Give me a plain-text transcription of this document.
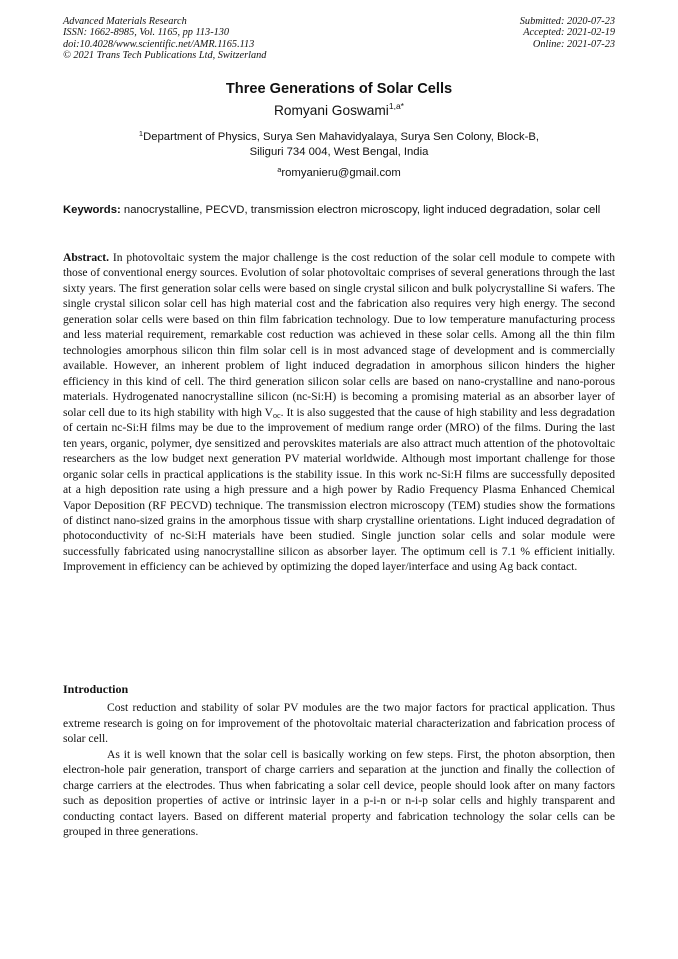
Advanced Materials Research
ISSN: 1662-8985, Vol. 1165, pp 113-130
doi:10.4028/www.scientific.net/AMR.1165.113
© 2021 Trans Tech Publications Ltd, Switzerland
Submitted: 2020-07-23
Accepted: 2021-02-19
Online: 2021-07-23
Three Generations of Solar Cells
Romyani Goswami$^{1,a*}$
$^1$Department of Physics, Surya Sen Mahavidyalaya, Surya Sen Colony, Block-B,
Siliguri 734 004, West Bengal, India
$^a$romyanieru@gmail.com
Keywords: nanocrystalline, PECVD, transmission electron microscopy, light induced degradation, solar cell
Abstract. In photovoltaic system the major challenge is the cost reduction of the solar cell module to compete with those of conventional energy sources. Evolution of solar photovoltaic comprises of several generations through the last sixty years. The first generation solar cells were based on single crystal silicon and bulk polycrystalline Si wafers. The single crystal silicon solar cell has high material cost and the fabrication also requires very high energy. The second generation solar cells were based on thin film fabrication technology. Due to low temperature manufacturing process and less material requirement, remarkable cost reduction was achieved in these solar cells. Among all the thin film technologies amorphous silicon thin film solar cell is in most advanced stage of development and is commercially available. However, an inherent problem of light induced degradation in amorphous silicon hinders the higher efficiency in this kind of cell. The third generation silicon solar cells are based on nano-crystalline and nano-porous materials. Hydrogenated nanocrystalline silicon (nc-Si:H) is becoming a promising material as an absorber layer of solar cell due to its high stability with high $V_{oc}$. It is also suggested that the cause of high stability and less degradation of certain nc-Si:H films may be due to the improvement of medium range order (MRO) of the films. During the last ten years, organic, polymer, dye sensitized and perovskites materials are also attract much attention of the photovoltaic researchers as the low budget next generation PV material worldwide. Although most important challenge for those organic solar cells in practical applications is the stability issue. In this work nc-Si:H films are successfully deposited at a high deposition rate using a high pressure and a high power by Radio Frequency Plasma Enhanced Chemical Vapor Deposition (RF PECVD) technique. The transmission electron microscopy (TEM) studies show the formations of distinct nano-sized grains in the amorphous tissue with sharp crystalline orientations. Light induced degradation of photoconductivity of nc-Si:H materials have been studied. Single junction solar cells and solar module were successfully fabricated using nanocrystalline silicon as absorber layer. The optimum cell is 7.1 % efficient initially. Improvement in efficiency can be achieved by optimizing the doped layer/interface and using Ag back contact.
Introduction

Cost reduction and stability of solar PV modules are the two major factors for practical application. Thus extreme research is going on for improvement of the photovoltaic material characterization and fabrication process of solar cell.

As it is well known that the solar cell is basically working on few steps. First, the photon absorption, then electron-hole pair generation, transport of charge carriers and separation at the junction and finally the collection of charge carriers at the electrodes. Thus when fabricating a solar cell device, people should look after on many factors such as deposition properties of active or intrinsic layer in a p-i-n or n-i-p solar cells and highly transparent and conducting contact layers. Based on different material property and fabrication technology the solar cells can be grouped in three generations.
